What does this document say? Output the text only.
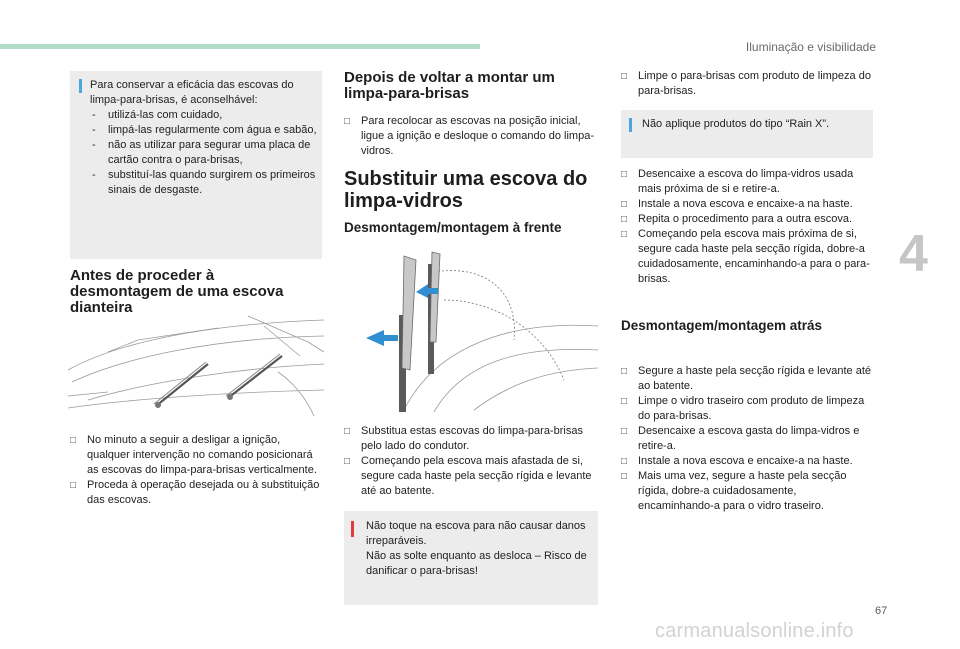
Iluminação e visibilidade
4
67
carmanualsonline.info

Para conservar a eficácia das escovas do limpa-para-brisas, é aconselhável:

- utilizá-las com cuidado,
- limpá-las regularmente com água e sabão,
- não as utilizar para segurar uma placa de cartão contra o para-brisas,
- substituí-las quando surgirem os primeiros sinais de desgaste.
Antes de proceder à desmontagem de uma escova dianteira
□ No minuto a seguir a desligar a ignição, qualquer intervenção no comando posicionará as escovas do limpa-para-brisas verticalmente.
□ Proceda à operação desejada ou à substituição das escovas.
Depois de voltar a montar um limpa-para-brisas
□ Para recolocar as escovas na posição inicial, ligue a ignição e desloque o comando do limpa-vidros.
Substituir uma escova do limpa-vidros
Desmontagem/montagem à frente
□ Substitua estas escovas do limpa-para-brisas pelo lado do condutor.
□ Começando pela escova mais afastada de si, segure cada haste pela secção rígida e levante até ao batente.

Não toque na escova para não causar danos irreparáveis.

Não as solte enquanto as desloca – Risco de danificar o para-brisas!

□ Limpe o para-brisas com produto de limpeza do para-brisas.

Não aplique produtos do tipo “Rain X”.

□ Desencaixe a escova do limpa-vidros usada mais próxima de si e retire-a.
□ Instale a nova escova e encaixe-a na haste.
□ Repita o procedimento para a outra escova.
□ Começando pela escova mais próxima de si, segure cada haste pela secção rígida, dobre-a cuidadosamente, encaminhando-a para o para-brisas.
Desmontagem/montagem atrás
□ Segure a haste pela secção rígida e levante até ao batente.
□ Limpe o vidro traseiro com produto de limpeza do para-brisas.
□ Desencaixe a escova gasta do limpa-vidros e retire-a.
□ Instale a nova escova e encaixe-a na haste.
□ Mais uma vez, segure a haste pela secção rígida, dobre-a cuidadosamente, encaminhando-a para o vidro traseiro.
